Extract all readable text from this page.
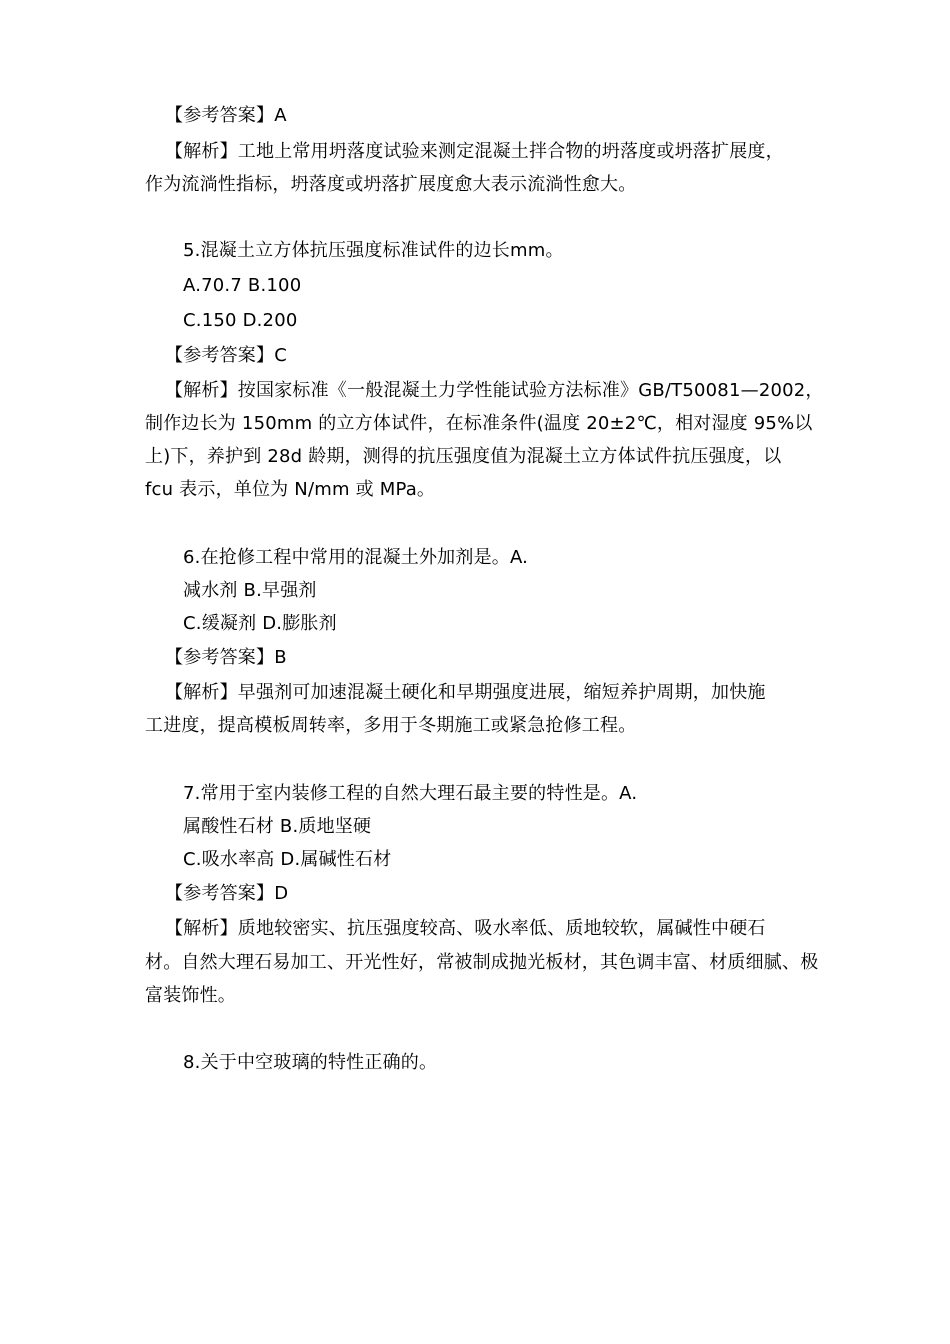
【参考答案】A
【解析】工地上常用坍落度试验来测定混凝土拌合物的坍落度或坍落扩展度，
作为流淌性指标，坍落度或坍落扩展度愈大表示流淌性愈大。
5.混凝土立方体抗压强度标准试件的边长mm。
A.70.7 B.100
C.150 D.200
【参考答案】C
【解析】按国家标准《一般混凝土力学性能试验方法标准》GB/T50081—2002，
制作边长为 150mm 的立方体试件，在标准条件(温度 20±2℃，相对湿度 95%以
上)下，养护到 28d 龄期，测得的抗压强度值为混凝土立方体试件抗压强度，以
fcu 表示，单位为 N/mm 或 MPa。
6.在抢修工程中常用的混凝土外加剂是。A.
减水剂 B.早强剂
C.缓凝剂 D.膨胀剂
【参考答案】B
【解析】早强剂可加速混凝土硬化和早期强度进展，缩短养护周期，加快施
工进度，提高模板周转率，多用于冬期施工或紧急抢修工程。
7.常用于室内装修工程的自然大理石最主要的特性是。A.
属酸性石材 B.质地坚硬
C.吸水率高 D.属碱性石材
【参考答案】D
【解析】质地较密实、抗压强度较高、吸水率低、质地较软，属碱性中硬石
材。自然大理石易加工、开光性好，常被制成抛光板材，其色调丰富、材质细腻、极
富装饰性。
8.关于中空玻璃的特性正确的。
